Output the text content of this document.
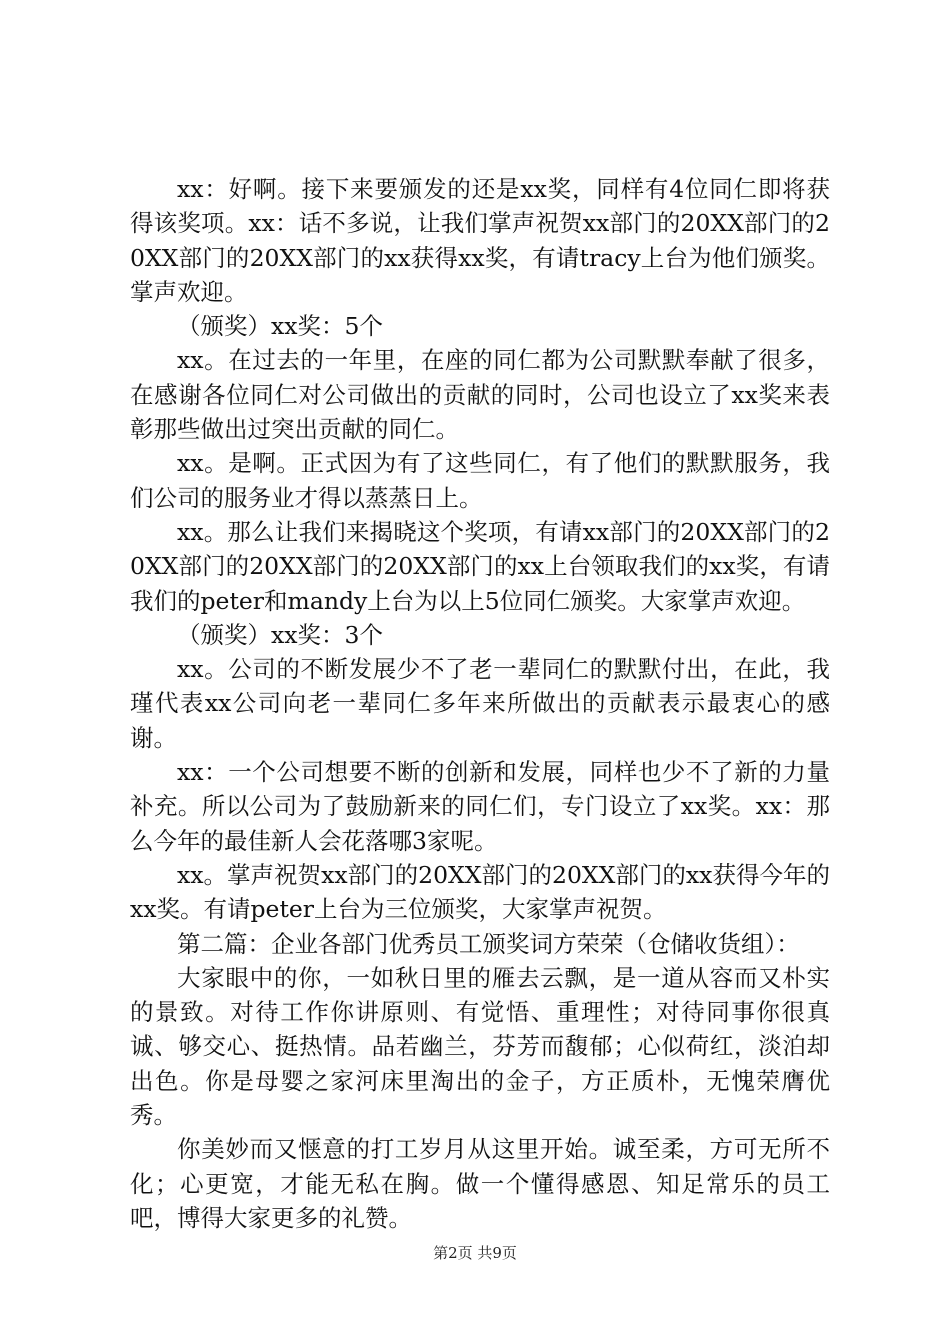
xx：好啊。接下来要颁发的还是xx奖，同样有4位同仁即将获得该奖项。xx：话不多说，让我们掌声祝贺xx部门的20XX部门的20XX部门的20XX部门的xx获得xx奖，有请tracy上台为他们颁奖。掌声欢迎。

（颁奖）xx奖：5个

xx。在过去的一年里，在座的同仁都为公司默默奉献了很多，在感谢各位同仁对公司做出的贡献的同时，公司也设立了xx奖来表彰那些做出过突出贡献的同仁。

xx。是啊。正式因为有了这些同仁，有了他们的默默服务，我们公司的服务业才得以蒸蒸日上。

xx。那么让我们来揭晓这个奖项，有请xx部门的20XX部门的20XX部门的20XX部门的20XX部门的xx上台领取我们的xx奖，有请我们的peter和mandy上台为以上5位同仁颁奖。大家掌声欢迎。

（颁奖）xx奖：3个

xx。公司的不断发展少不了老一辈同仁的默默付出，在此，我瑾代表xx公司向老一辈同仁多年来所做出的贡献表示最衷心的感谢。

xx：一个公司想要不断的创新和发展，同样也少不了新的力量补充。所以公司为了鼓励新来的同仁们，专门设立了xx奖。xx：那么今年的最佳新人会花落哪3家呢。

xx。掌声祝贺xx部门的20XX部门的20XX部门的xx获得今年的xx奖。有请peter上台为三位颁奖，大家掌声祝贺。

第二篇：企业各部门优秀员工颁奖词方荣荣（仓储收货组）：

大家眼中的你，一如秋日里的雁去云飘，是一道从容而又朴实的景致。对待工作你讲原则、有觉悟、重理性；对待同事你很真诚、够交心、挺热情。品若幽兰，芬芳而馥郁；心似荷红，淡泊却出色。你是母婴之家河床里淘出的金子，方正质朴，无愧荣膺优秀。

你美妙而又惬意的打工岁月从这里开始。诚至柔，方可无所不化；心更宽，才能无私在胸。做一个懂得感恩、知足常乐的员工吧，博得大家更多的礼赞。

第2页 共9页
